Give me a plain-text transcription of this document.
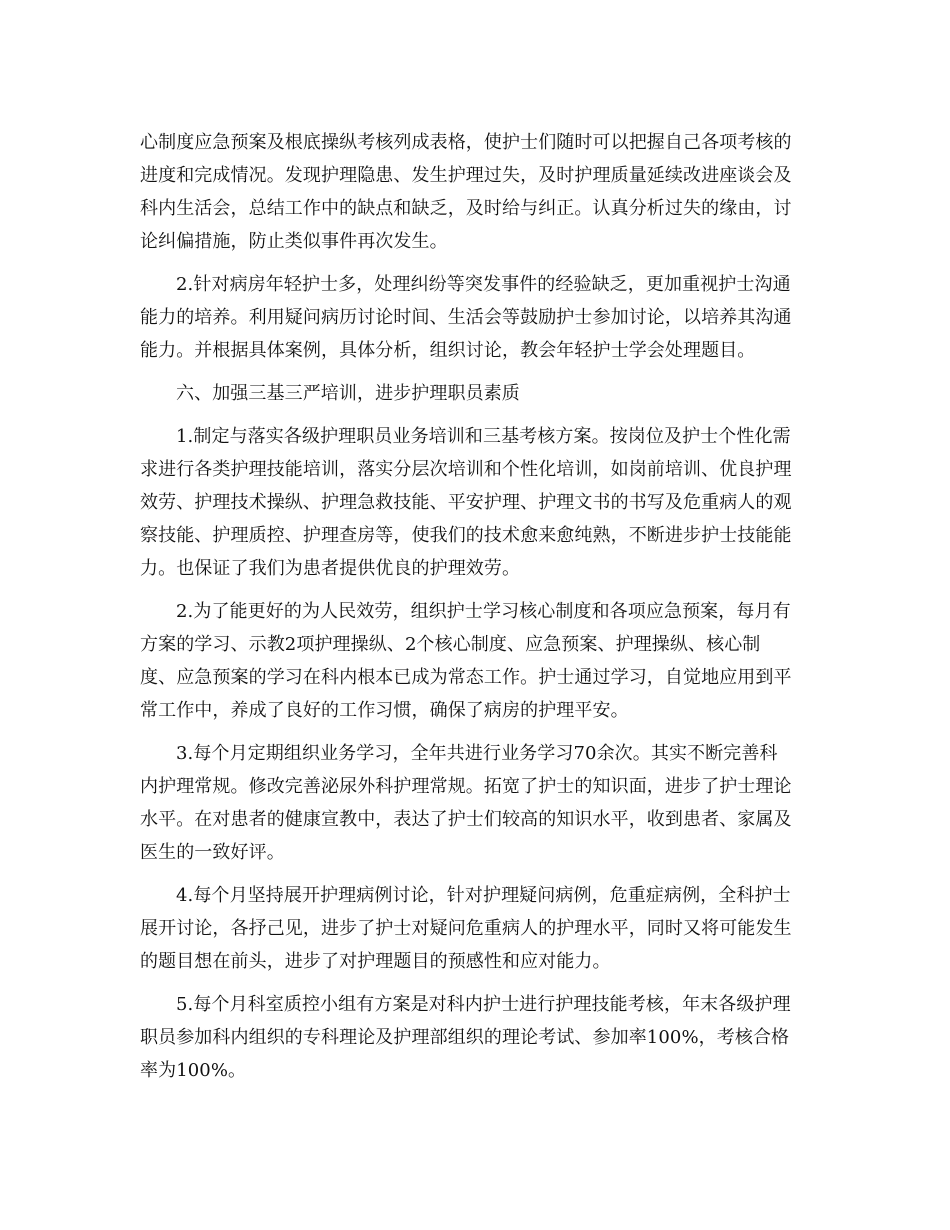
心制度应急预案及根底操纵考核列成表格，使护士们随时可以把握自己各项考核的
进度和完成情况。发现护理隐患、发生护理过失，及时护理质量延续改进座谈会及
科内生活会，总结工作中的缺点和缺乏，及时给与纠正。认真分析过失的缘由，讨
论纠偏措施，防止类似事件再次发生。
2.针对病房年轻护士多，处理纠纷等突发事件的经验缺乏，更加重视护士沟通
能力的培养。利用疑问病历讨论时间、生活会等鼓励护士参加讨论，以培养其沟通
能力。并根据具体案例，具体分析，组织讨论，教会年轻护士学会处理题目。
六、加强三基三严培训，进步护理职员素质
1.制定与落实各级护理职员业务培训和三基考核方案。按岗位及护士个性化需
求进行各类护理技能培训，落实分层次培训和个性化培训，如岗前培训、优良护理
效劳、护理技术操纵、护理急救技能、平安护理、护理文书的书写及危重病人的观
察技能、护理质控、护理查房等，使我们的技术愈来愈纯熟，不断进步护士技能能
力。也保证了我们为患者提供优良的护理效劳。
2.为了能更好的为人民效劳，组织护士学习核心制度和各项应急预案，每月有
方案的学习、示教2项护理操纵、2个核心制度、应急预案、护理操纵、核心制
度、应急预案的学习在科内根本已成为常态工作。护士通过学习，自觉地应用到平
常工作中，养成了良好的工作习惯，确保了病房的护理平安。
3.每个月定期组织业务学习，全年共进行业务学习70余次。其实不断完善科
内护理常规。修改完善泌尿外科护理常规。拓宽了护士的知识面，进步了护士理论
水平。在对患者的健康宣教中，表达了护士们较高的知识水平，收到患者、家属及
医生的一致好评。
4.每个月坚持展开护理病例讨论，针对护理疑问病例，危重症病例，全科护士
展开讨论，各抒己见，进步了护士对疑问危重病人的护理水平，同时又将可能发生
的题目想在前头，进步了对护理题目的预感性和应对能力。
5.每个月科室质控小组有方案是对科内护士进行护理技能考核，年末各级护理
职员参加科内组织的专科理论及护理部组织的理论考试、参加率100%，考核合格
率为100%。
